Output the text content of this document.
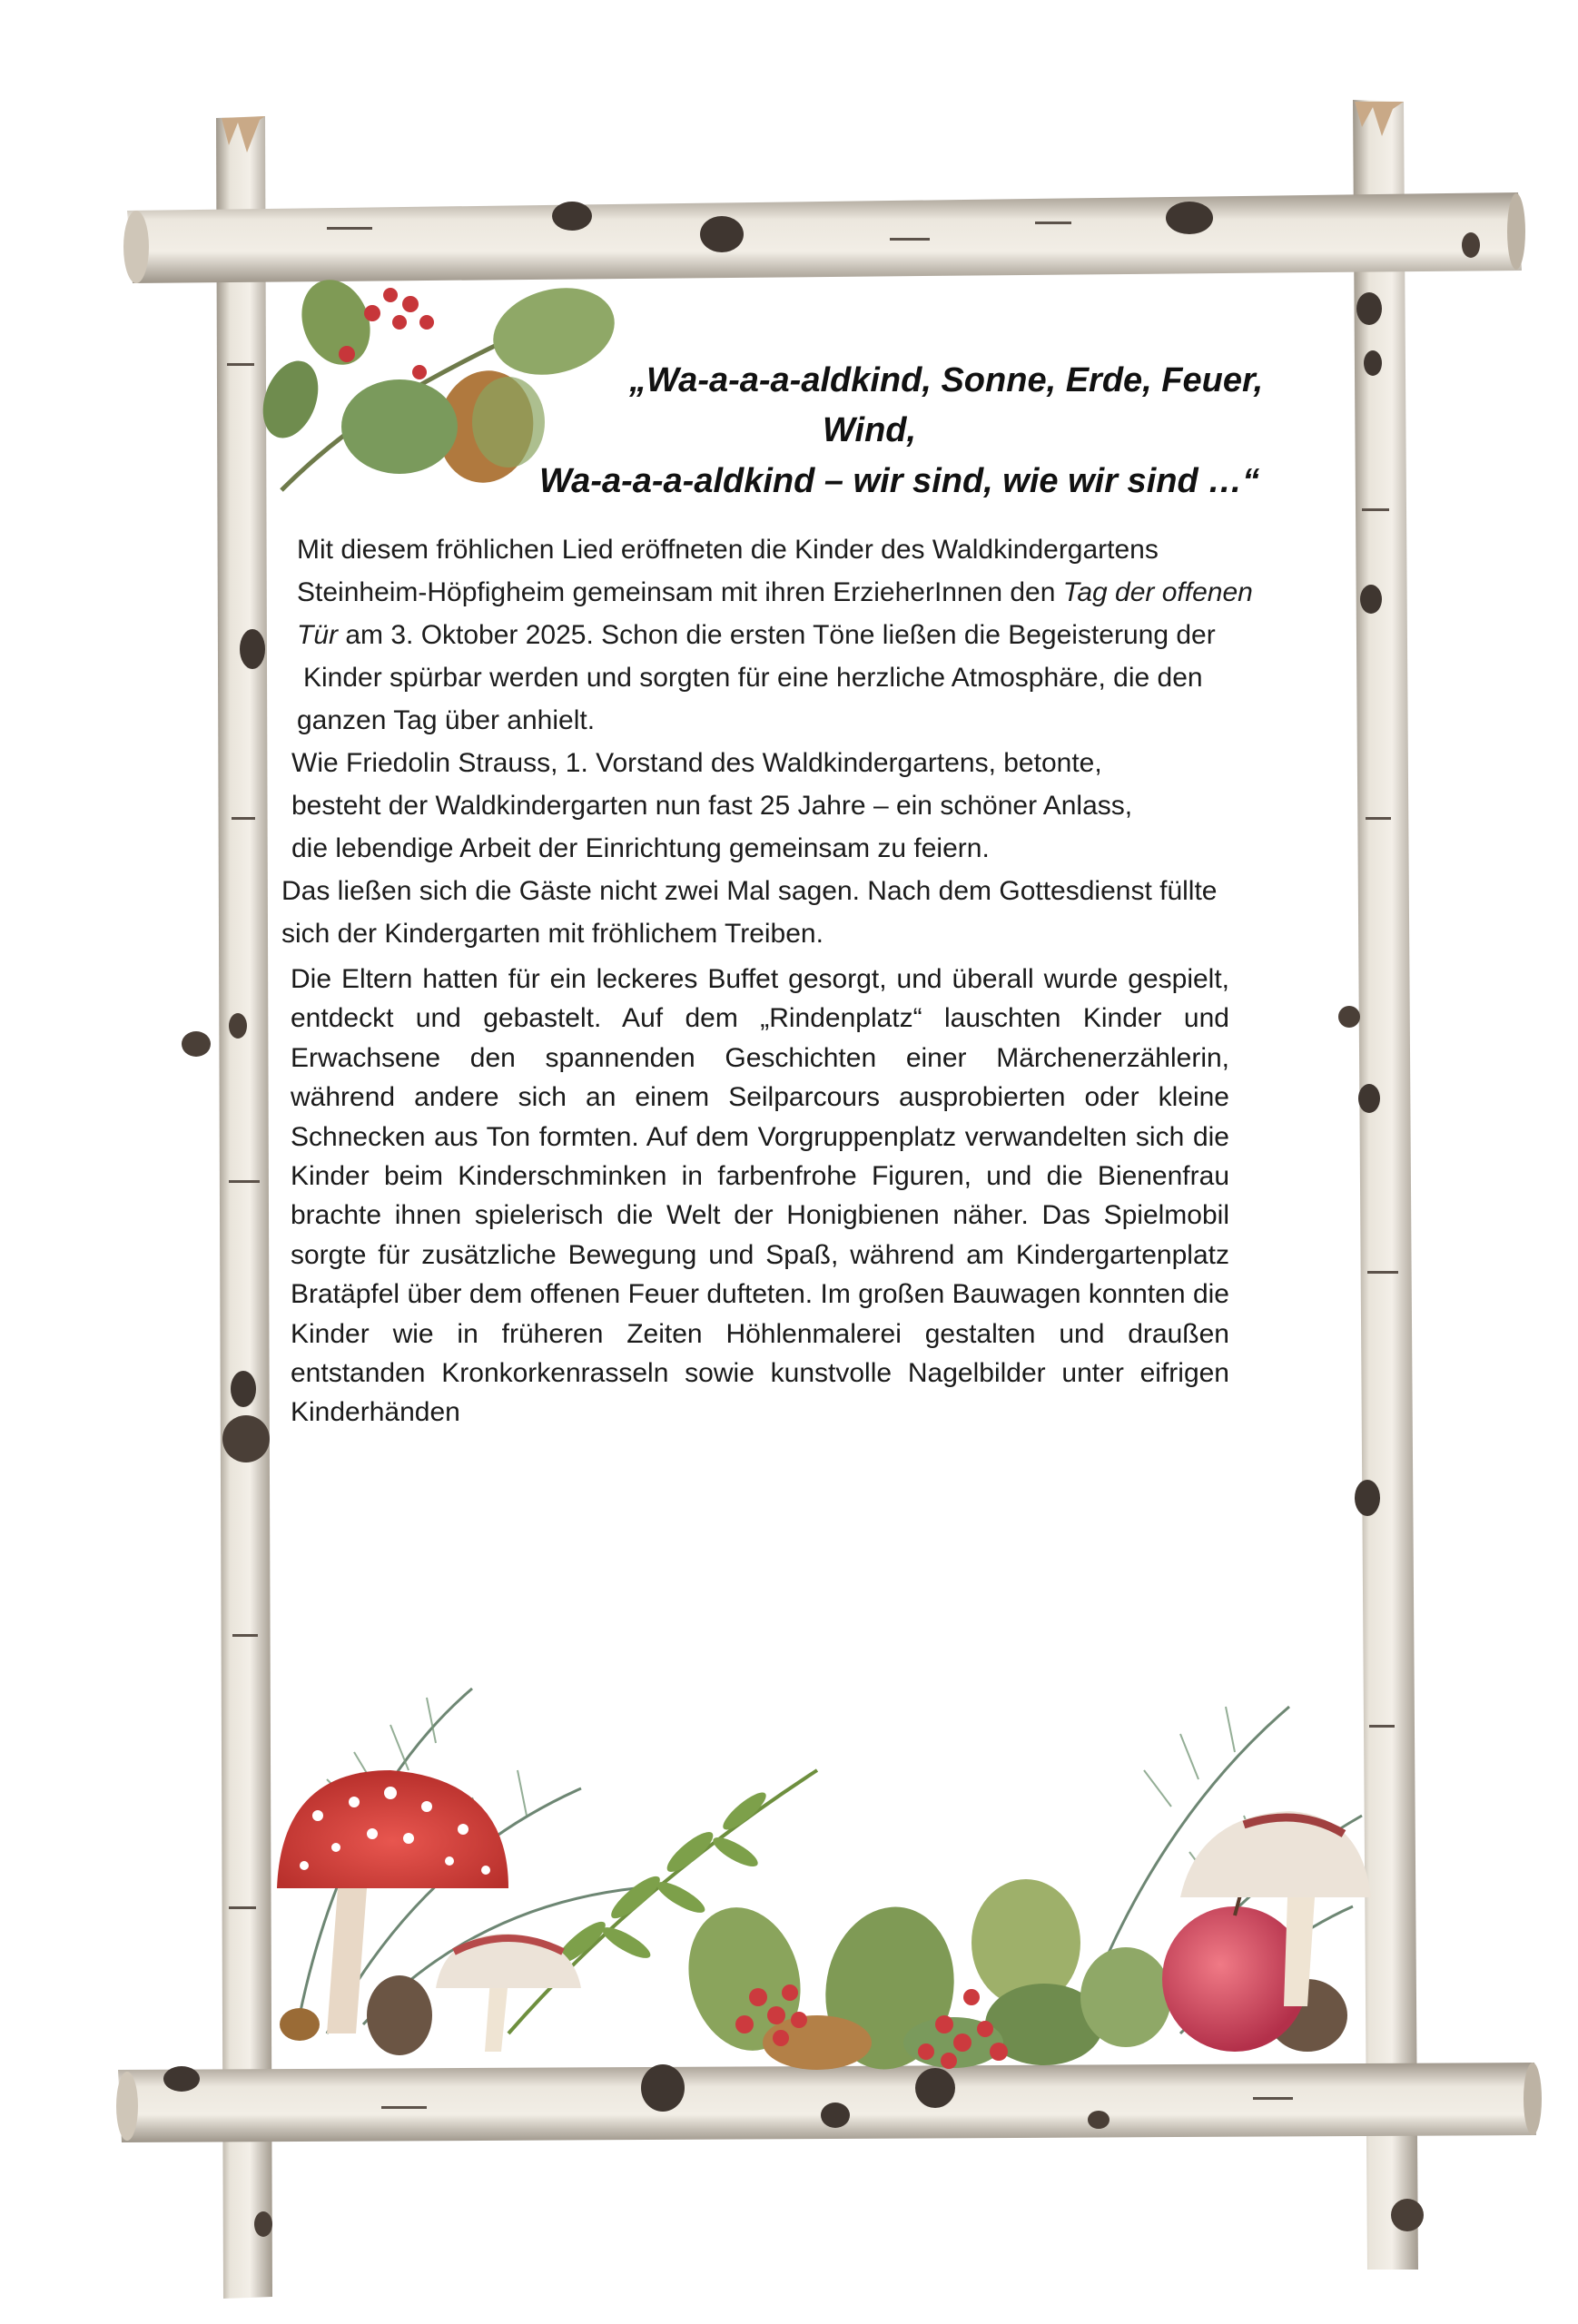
„Wa-a-a-a-aldkind, Sonne, Erde, Feuer,
Wind,
Wa-a-a-a-aldkind – wir sind, wie wir sind …“
Mit diesem fröhlichen Lied eröffneten die Kinder des Waldkindergartens
Steinheim-Höpfigheim gemeinsam mit ihren ErzieherInnen den Tag der offenen
Tür am 3. Oktober 2025. Schon die ersten Töne ließen die Begeisterung der
Kinder spürbar werden und sorgten für eine herzliche Atmosphäre, die den
ganzen Tag über anhielt.
Wie Friedolin Strauss, 1. Vorstand des Waldkindergartens, betonte,
besteht der Waldkindergarten nun fast 25 Jahre – ein schöner Anlass,
die lebendige Arbeit der Einrichtung gemeinsam zu feiern.
Das ließen sich die Gäste nicht zwei Mal sagen. Nach dem Gottesdienst füllte
sich der Kindergarten mit fröhlichem Treiben.

Die Eltern hatten für ein leckeres Buffet gesorgt, und überall wurde gespielt, entdeckt und gebastelt. Auf dem „Rindenplatz“ lauschten Kinder und Erwachsene den spannenden Geschichten einer Märchenerzählerin, während andere sich an einem Seilparcours ausprobierten oder kleine Schnecken aus Ton formten. Auf dem Vorgruppenplatz verwandelten sich die Kinder beim Kinderschminken in farbenfrohe Figuren, und die Bienenfrau brachte ihnen spielerisch die Welt der Honigbienen näher. Das Spielmobil sorgte für zusätzliche Bewegung und Spaß, während am Kindergartenplatz Bratäpfel über dem offenen Feuer dufteten. Im großen Bauwagen konnten die Kinder wie in früheren Zeiten Höhlenmalerei gestalten und draußen entstanden Kronkorkenrasseln sowie kunstvolle Nagelbilder unter eifrigen Kinderhänden
